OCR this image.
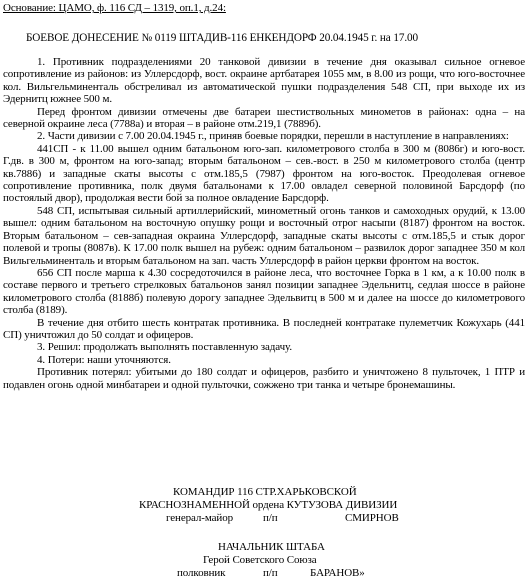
Основание: ЦАМО, ф. 116 СД – 1319, оп.1, д.24:
БОЕВОЕ ДОНЕСЕНИЕ № 0119 ШТАДИВ-116 ЕНКЕНДОРФ 20.04.1945 г. на 17.00

1. Противник подразделениями 20 танковой дивизии в течение дня оказывал сильное огневое сопротивление из районов: из Уллерсдорф, вост. окраине артбатарея 1055 мм, в 8.00 из рощи, что юго-восточнее кол. Вильгельминенталь обстреливал из автоматической пушки подразделения 548 СП, при выходе их из Эдернитц южнее 500 м.

Перед фронтом дивизии отмечены две батареи шестиствольных минометов в районах: одна – на северной окраине леса (7788а) и вторая – в районе отм.219,1 (7889б).

2. Части дивизии с 7.00 20.04.1945 г., приняв боевые порядки, перешли в наступление в направлениях:

441СП - к 11.00 вышел одним батальоном юго-зап. километрового столба в 300 м (8086г) и юго-вост. Г.дв. в 300 м, фронтом на юго-запад; вторым батальоном – сев.-вост. в 250 м километрового столба (центр кв.7886) и западные скаты высоты с отм.185,5 (7987) фронтом на юго-восток. Преодолевая огневое сопротивление противника, полк двумя батальонами к 17.00 овладел северной половиной Барсдорф (по постоялый двор), продолжая вести бой за полное овладение Барсдорф.

548 СП, испытывая сильный артиллерийский, минометный огонь танков и самоходных орудий, к 13.00 вышел: одним батальоном на восточную опушку рощи и восточный отрог насыпи (8187) фронтом на восток. Вторым батальоном – сев-западная окраина Уллерсдорф, западные скаты высоты с отм.185,5 и стык дорог полевой и тропы (8087в). К 17.00 полк вышел на рубеж: одним батальоном – развилок дорог западнее 350 м кол Вильгельминенталь и вторым батальоном на зап. часть Уллерсдорф в район церкви фронтом на восток.

656 СП после марша к 4.30 сосредоточился в районе леса, что восточнее Горка в 1 км, а к 10.00 полк в составе первого и третьего стрелковых батальонов занял позиции западнее Эдельнитц, седлая шоссе в районе километрового столба (8188б) полевую дорогу западнее Эдельвитц в 500 м и далее на шоссе до километрового столба (8189).

В течение дня отбито шесть контратак противника. В последней контратаке пулеметчик Кожухарь (441 СП) уничтожил до 50 солдат и офицеров.

3. Решил: продолжать выполнять поставленную задачу.

4. Потери: наши уточняются.

Противник потерял: убитыми до 180 солдат и офицеров, разбито и уничтожено 8 пульточек, 1 ПТР и подавлен огонь одной минбатареи и одной пульточки, сожжено три танка и четыре бронемашины.

КОМАНДИР 116 СТР.ХАРЬКОВСКОЙ
КРАСНОЗНАМЕННОЙ ордена КУТУЗОВА ДИВИЗИИ
генерал-майор	п/п	СМИРНОВ
НАЧАЛЬНИК ШТАБА
Герой Советского Союза
полковник	п/п	БАРАНОВ»
